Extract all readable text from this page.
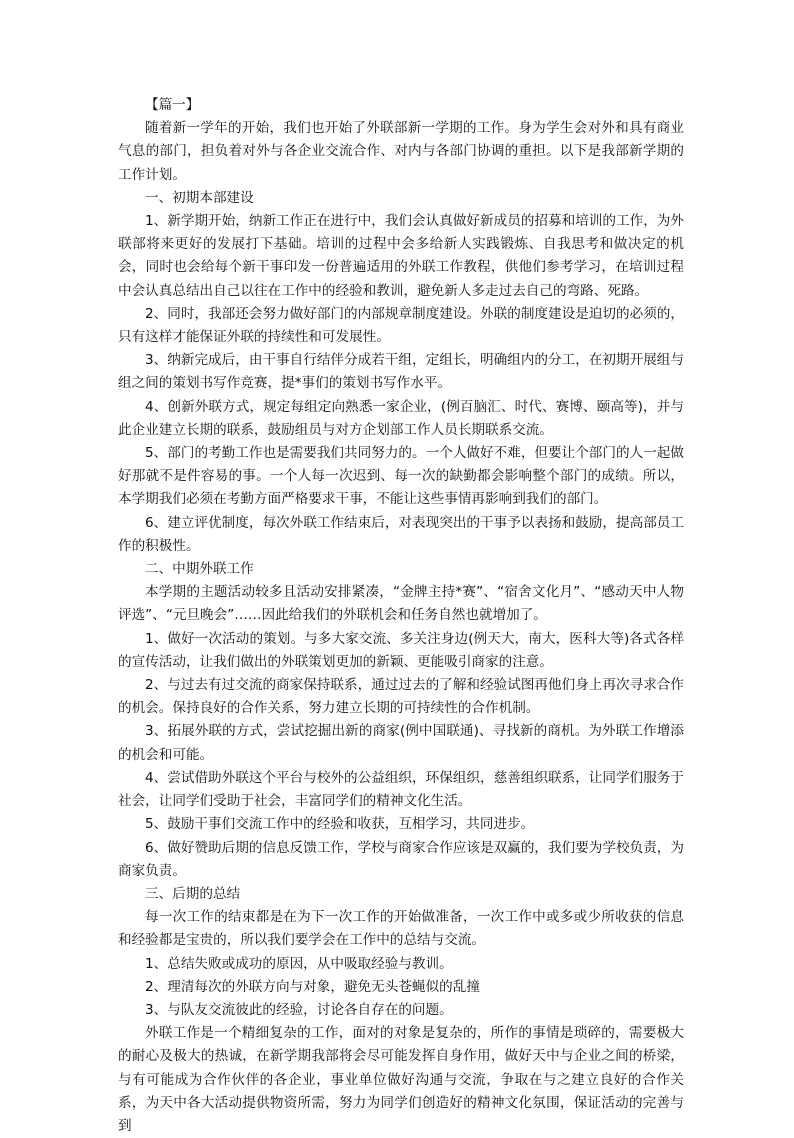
【篇一】

随着新一学年的开始，我们也开始了外联部新一学期的工作。身为学生会对外和具有商业气息的部门，担负着对外与各企业交流合作、对内与各部门协调的重担。以下是我部新学期的工作计划。

一、初期本部建设

1、新学期开始，纳新工作正在进行中，我们会认真做好新成员的招募和培训的工作，为外联部将来更好的发展打下基础。培训的过程中会多给新人实践锻炼、自我思考和做决定的机会，同时也会给每个新干事印发一份普遍适用的外联工作教程，供他们参考学习，在培训过程中会认真总结出自己以往在工作中的经验和教训，避免新人多走过去自己的弯路、死路。

2、同时，我部还会努力做好部门的内部规章制度建设。外联的制度建设是迫切的必须的，只有这样才能保证外联的持续性和可发展性。

3、纳新完成后，由干事自行结伴分成若干组，定组长，明确组内的分工，在初期开展组与组之间的策划书写作竞赛，提*事们的策划书写作水平。

4、创新外联方式，规定每组定向熟悉一家企业，(例百脑汇、时代、赛博、颐高等)，并与此企业建立长期的联系，鼓励组员与对方企划部工作人员长期联系交流。

5、部门的考勤工作也是需要我们共同努力的。一个人做好不难，但要让个部门的人一起做好那就不是件容易的事。一个人每一次迟到、每一次的缺勤都会影响整个部门的成绩。所以，本学期我们必须在考勤方面严格要求干事，不能让这些事情再影响到我们的部门。

6、建立评优制度，每次外联工作结束后，对表现突出的干事予以表扬和鼓励，提高部员工作的积极性。

二、中期外联工作

本学期的主题活动较多且活动安排紧凑，“金牌主持*赛”、“宿舍文化月”、“感动天中人物评选”、“元旦晚会”……因此给我们的外联机会和任务自然也就增加了。

1、做好一次活动的策划。与多大家交流、多关注身边(例天大，南大，医科大等)各式各样的宣传活动，让我们做出的外联策划更加的新颖、更能吸引商家的注意。

2、与过去有过交流的商家保持联系，通过过去的了解和经验试图再他们身上再次寻求合作的机会。保持良好的合作关系，努力建立长期的可持续性的合作机制。

3、拓展外联的方式，尝试挖掘出新的商家(例中国联通)、寻找新的商机。为外联工作增添的机会和可能。

4、尝试借助外联这个平台与校外的公益组织，环保组织，慈善组织联系，让同学们服务于社会，让同学们受助于社会，丰富同学们的精神文化生活。

5、鼓励干事们交流工作中的经验和收获，互相学习，共同进步。

6、做好赞助后期的信息反馈工作，学校与商家合作应该是双赢的，我们要为学校负责，为商家负责。

三、后期的总结

每一次工作的结束都是在为下一次工作的开始做准备，一次工作中或多或少所收获的信息和经验都是宝贵的，所以我们要学会在工作中的总结与交流。

1、总结失败或成功的原因，从中吸取经验与教训。

2、理清每次的外联方向与对象，避免无头苍蝇似的乱撞

3、与队友交流彼此的经验，讨论各自存在的问题。

外联工作是一个精细复杂的工作，面对的对象是复杂的，所作的事情是琐碎的，需要极大的耐心及极大的热诚，在新学期我部将会尽可能发挥自身作用，做好天中与企业之间的桥梁，与有可能成为合作伙伴的各企业，事业单位做好沟通与交流，争取在与之建立良好的合作关系，为天中各大活动提供物资所需，努力为同学们创造好的精神文化氛围，保证活动的完善与到
